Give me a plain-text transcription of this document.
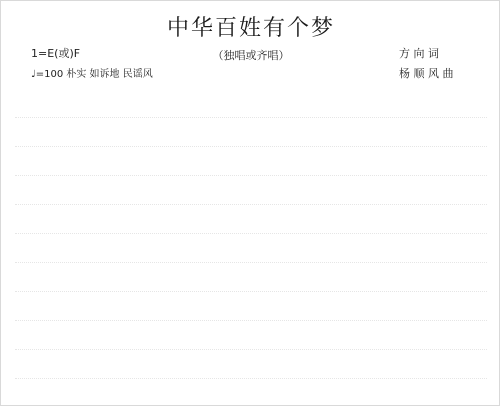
中华百姓有个梦
1=E(或)F	（独唱或齐唱）	方 向 词
杨 顺 风 曲
♩=100 朴实 如诉地 民谣风
